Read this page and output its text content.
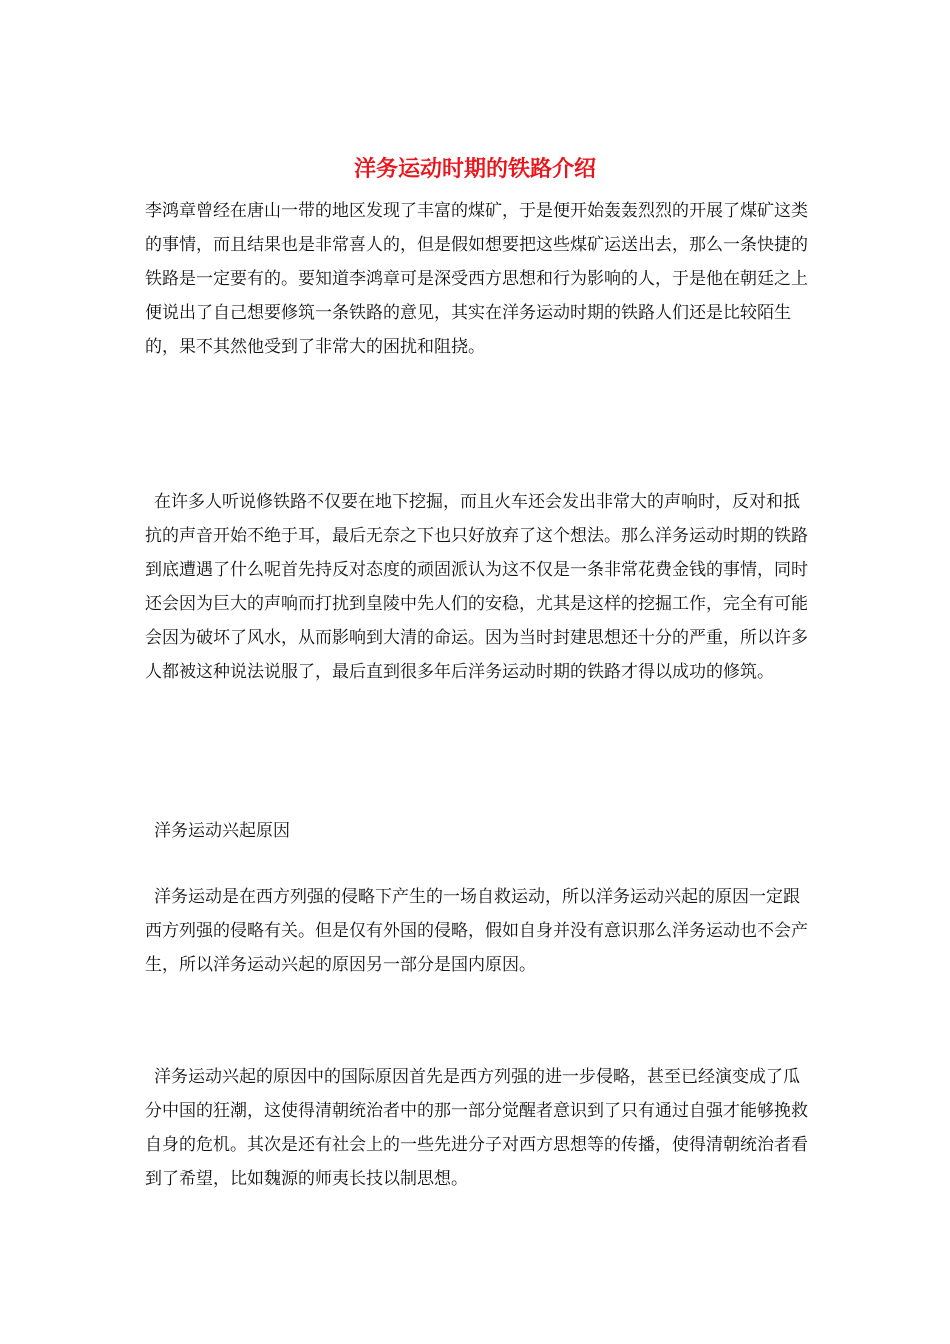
洋务运动时期的铁路介绍

李鸿章曾经在唐山一带的地区发现了丰富的煤矿，于是便开始轰轰烈烈的开展了煤矿这类的事情，而且结果也是非常喜人的，但是假如想要把这些煤矿运送出去，那么一条快捷的铁路是一定要有的。要知道李鸿章可是深受西方思想和行为影响的人，于是他在朝廷之上便说出了自己想要修筑一条铁路的意见，其实在洋务运动时期的铁路人们还是比较陌生的，果不其然他受到了非常大的困扰和阻挠。

在许多人听说修铁路不仅要在地下挖掘，而且火车还会发出非常大的声响时，反对和抵抗的声音开始不绝于耳，最后无奈之下也只好放弃了这个想法。那么洋务运动时期的铁路到底遭遇了什么呢首先持反对态度的顽固派认为这不仅是一条非常花费金钱的事情，同时还会因为巨大的声响而打扰到皇陵中先人们的安稳，尤其是这样的挖掘工作，完全有可能会因为破坏了风水，从而影响到大清的命运。因为当时封建思想还十分的严重，所以许多人都被这种说法说服了，最后直到很多年后洋务运动时期的铁路才得以成功的修筑。

洋务运动兴起原因

洋务运动是在西方列强的侵略下产生的一场自救运动，所以洋务运动兴起的原因一定跟西方列强的侵略有关。但是仅有外国的侵略，假如自身并没有意识那么洋务运动也不会产生，所以洋务运动兴起的原因另一部分是国内原因。

洋务运动兴起的原因中的国际原因首先是西方列强的进一步侵略，甚至已经演变成了瓜分中国的狂潮，这使得清朝统治者中的那一部分觉醒者意识到了只有通过自强才能够挽救自身的危机。其次是还有社会上的一些先进分子对西方思想等的传播，使得清朝统治者看到了希望，比如魏源的师夷长技以制思想。
